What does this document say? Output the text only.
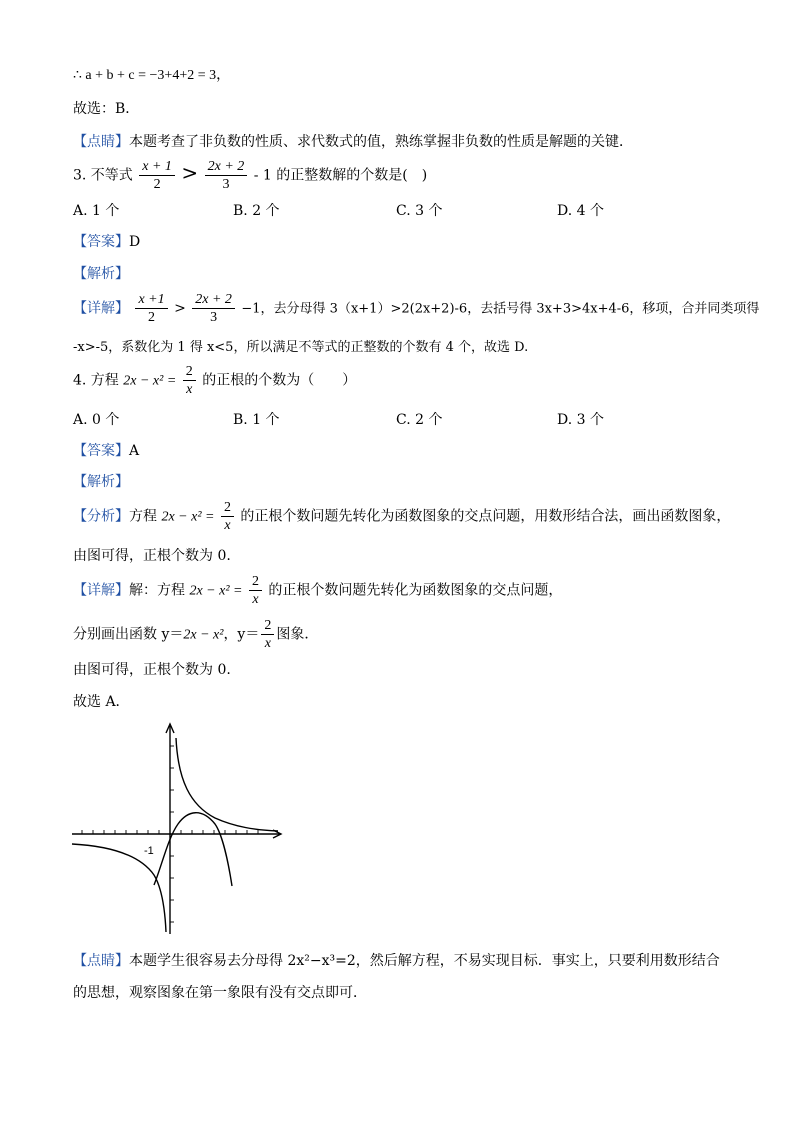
∴ a + b + c = −3+4+2 = 3，
故选：B．
【点睛】本题考查了非负数的性质、求代数式的值，熟练掌握非负数的性质是解题的关键．
3. 不等式 $\frac{x + 1}{2} > \frac{2x + 2}{3} - 1$ 的正整数解的个数是(　)
A. 1 个	B. 2 个	C. 3 个	D. 4 个
【答案】D
【解析】
【详解】 $\frac{x +1}{2} > \frac{2x + 2}{3} -1$，去分母得 3（x+1）>2(2x+2)-6，去括号得 3x+3>4x+4-6，移项，合并同类项得
-x>-5，系数化为 1 得 x<5，所以满足不等式的正整数的个数有 4 个，故选 D.
4. 方程 $2x - x^2 = \frac{2}{x}$ 的正根的个数为（　　）
A. 0 个	B. 1 个	C. 2 个	D. 3 个
【答案】A
【解析】
【分析】方程 $2x - x^2 = \frac{2}{x}$ 的正根个数问题先转化为函数图象的交点问题，用数形结合法，画出函数图象，
由图可得，正根个数为 0.
【详解】解：方程 $2x - x^2 = \frac{2}{x}$ 的正根个数问题先转化为函数图象的交点问题，
分别画出函数 y＝2x − x²，$y= \frac{2}{x}$ 图象．
由图可得，正根个数为 0.
故选 A．
-1
【点睛】本题学生很容易去分母得 2x²−x³=2，然后解方程，不易实现目标．事实上，只要利用数形结合
的思想，观察图象在第一象限有没有交点即可．
